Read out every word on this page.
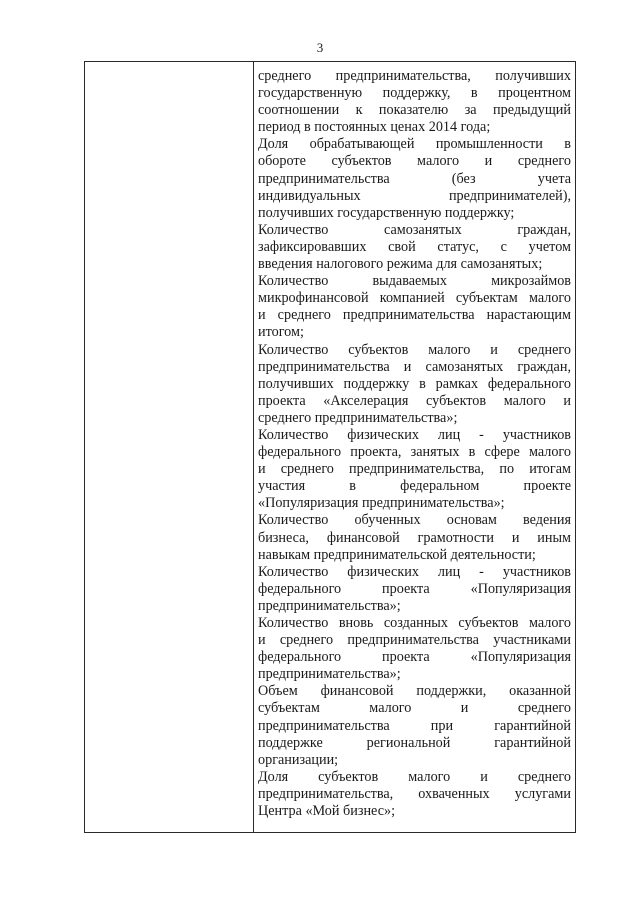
3
среднего предпринимательства, получивших
государственную поддержку, в процентном
соотношении к показателю за предыдущий
период в постоянных ценах 2014 года;
Доля обрабатывающей промышленности в
обороте субъектов малого и среднего
предпринимательства (без учета
индивидуальных предпринимателей),
получивших государственную поддержку;
Количество самозанятых граждан,
зафиксировавших свой статус, с учетом
введения налогового режима для самозанятых;
Количество выдаваемых микрозаймов
микрофинансовой компанией субъектам малого
и среднего предпринимательства нарастающим
итогом;
Количество субъектов малого и среднего
предпринимательства и самозанятых граждан,
получивших поддержку в рамках федерального
проекта «Акселерация субъектов малого и
среднего предпринимательства»;
Количество физических лиц - участников
федерального проекта, занятых в сфере малого
и среднего предпринимательства, по итогам
участия в федеральном проекте
«Популяризация предпринимательства»;
Количество обученных основам ведения
бизнеса, финансовой грамотности и иным
навыкам предпринимательской деятельности;
Количество физических лиц - участников
федерального проекта «Популяризация
предпринимательства»;
Количество вновь созданных субъектов малого
и среднего предпринимательства участниками
федерального проекта «Популяризация
предпринимательства»;
Объем финансовой поддержки, оказанной
субъектам малого и среднего
предпринимательства при гарантийной
поддержке региональной гарантийной
организации;
Доля субъектов малого и среднего
предпринимательства, охваченных услугами
Центра «Мой бизнес»;
